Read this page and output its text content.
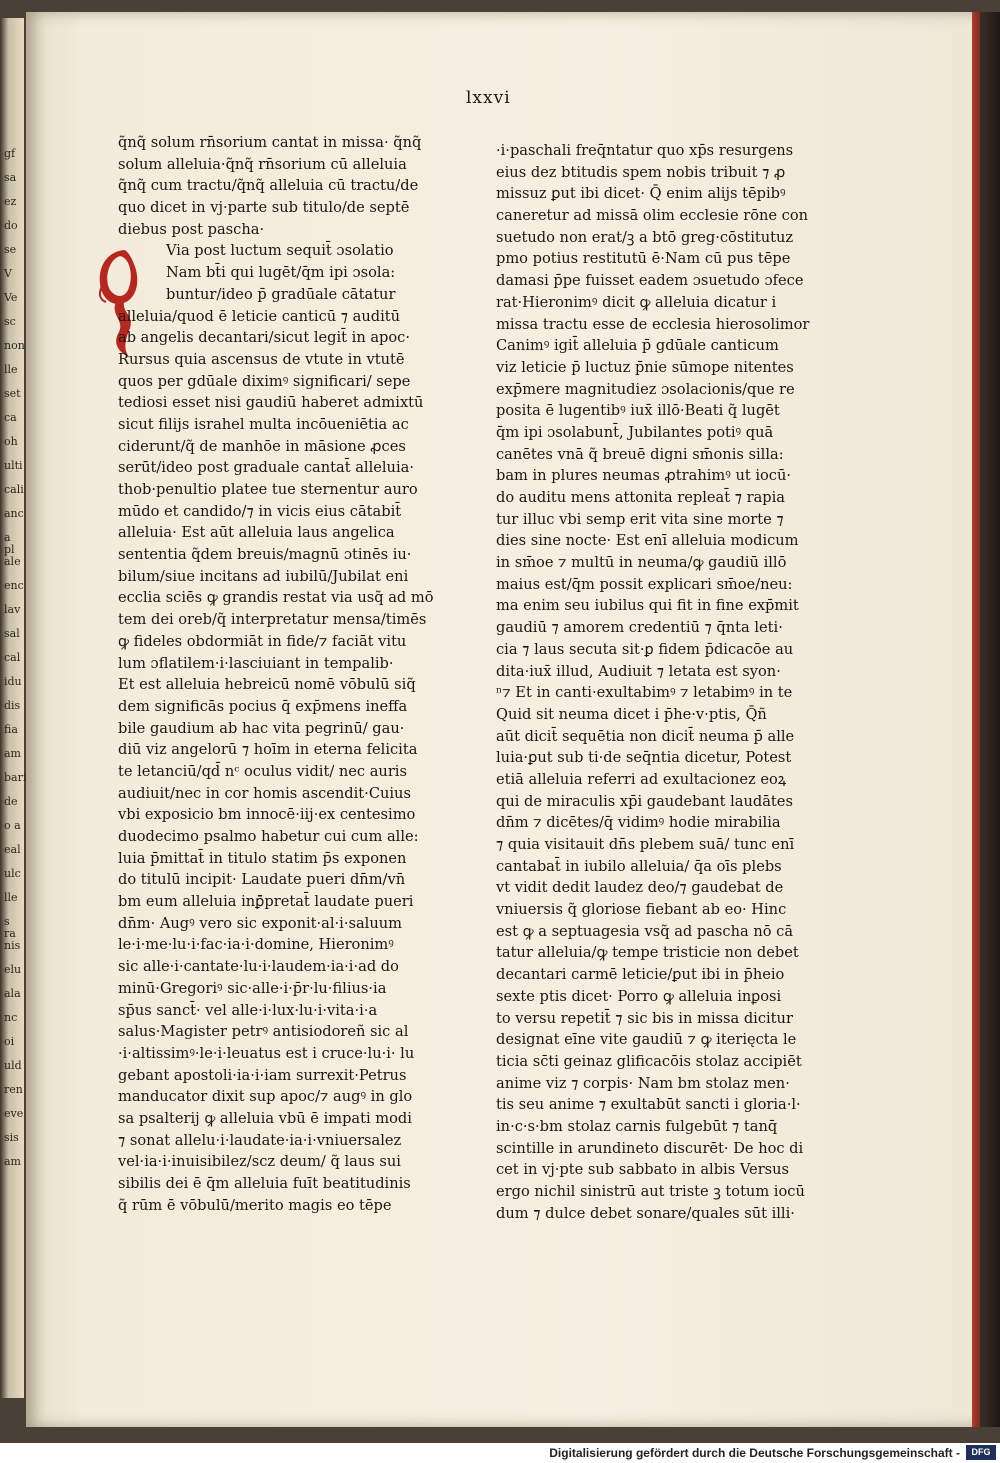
gf
sa
ez
do
se
V
Ve
sc
non
lle
set
ca
oh
ulti
cali
anc
a pl
ale
enc
lav
sal
cal
idu
dis
fia
am
bari
de
o a
eal
ulc
lle
s ra
nis
elu
ala
nc
oi
uld
ren
eve
sis
am
lxxvi
q̃nq̃ solum rn̄sorium cantat in missa· q̃nq̃
solum alleluia·q̃nq̃ rn̄sorium cū alleluia
q̃nq̃ cum tractu/q̃nq̃ alleluia cū tractu/de
quo dicet in vj·parte sub titulo/de septē
diebus post pascha·
Via post luctum sequit̄ ɔsolatio
Nam bt̄i qui lugēt/q̄m ipi ɔsola:
buntur/ideo p̄ gradūale cātatur
alleluia/quod ē leticie canticū ⁊ auditū
ab angelis decantari/sicut legit̄ in apoc·
Rursus quia ascensus de vtute in vtutē
quos per gdūale diximꝰ significari/ sepe
tediosi esset nisi gaudiū haberet admixtū
sicut filijs israhel multa incōueniētia ac
ciderunt/q̃ de manhōe in māsione ꝓces
serūt/ideo post graduale cantat̄ alleluia·
thob·penultio platee tue sternentur auro
mūdo et candido/⁊ in vicis eius cātabit̄
alleluia· Est aūt alleluia laus angelica
sententia q̃dem breuis/magnū ɔtinēs iu·
bilum/siue incitans ad iubilū/Jubilat eni
ecclia sciēs ꝙ grandis restat via usq̃ ad mō
tem dei oreb/q̃ interpretatur mensa/timēs
ꝙ fideles obdormiāt in fide/⁊ faciāt vitu
lum ɔflatilem·i·lasciuiant in tempalib·
Et est alleluia hebreicū nomē vōbulū siq̃
dem significās pocius q̄ exp̄mens ineffa
bile gaudium ab hac vita pegrinū/ gau·
diū viz angelorū ⁊ hoīm in eterna felicita
te letanciū/qd̄ nᶜ oculus vidit/ nec auris
audiuit/nec in cor homis ascendit·Cuius
vbi exposicio bm innocē·iij·ex centesimo
duodecimo psalmo habetur cui cum alle:
luia p̄mittat̄ in titulo statim p̄s exponen
do titulū incipit· Laudate pueri dn̄m/vn̄
bm eum alleluia inꝑ̄pretat̄ laudate pueri
dn̄m· Augꝰ vero sic exponit·al·i·saluum
le·i·me·lu·i·fac·ia·i·domine, Hieronimꝰ
sic alle·i·cantate·lu·i·laudem·ia·i·ad do
minū·Gregoriꝰ sic·alle·i·p̄r·lu·filius·ia
sp̄us sanct̄· vel alle·i·lux·lu·i·vita·i·a
salus·Magister petrꝰ antisiodoreñ sic al
·i·altissimꝰ·le·i·leuatus est i cruce·lu·i· lu
gebant apostoli·ia·i·iam surrexit·Petrus
manducator dixit sup apoc/⁊ augꝰ in glo
sa psalterij ꝙ alleluia vbū ē impati modi
⁊ sonat allelu·i·laudate·ia·i·vniuersalez
vel·ia·i·inuisibilez/scz deum/ q̃ laus sui
sibilis dei ē q̄m alleluia fuīt beatitudinis
q̃ rūm ē vōbulū/merito magis eo tēpe
·i·paschali freq̄ntatur quo xp̄s resurgens
eius dez btitudis spem nobis tribuit ⁊ ꝓ
missuz ꝑut ibi dicet· Q̄ enim alijs tēpibꝰ
caneretur ad missā olim ecclesie rōne con
suetudo non erat/ꝫ a btō greg·cōstitutuz
pmo potius restitutū ē·Nam cū pus tēpe
damasi p̄pe fuisset eadem ɔsuetudo ɔfece
rat·Hieronimꝰ dicit ꝙ alleluia dicatur i
missa tractu esse de ecclesia hierosolimor
Canimꝰ igit̄ alleluia p̄ gdūale canticum
viz leticie p̄ luctuz p̄nie sūmope nitentes
exp̄mere magnitudiez ɔsolacionis/que re
posita ē lugentibꝰ iux̄ illō·Beati q̃ lugēt
q̄m ipi ɔsolabunt̄, Jubilantes potiꝰ quā
canētes vnā q̃ breuē digni sm̄onis silla:
bam in plures neumas ꝓtrahimꝰ ut iocū·
do auditu mens attonita repleat̄ ⁊ rapia
tur illuc vbi semp erit vita sine morte ⁊
dies sine nocte· Est enī alleluia modicum
in sm̄oe ⁊ multū in neuma/ꝙ gaudiū illō
maius est/q̄m possit explicari sm̄oe/neu:
ma enim seu iubilus qui fit in fine exp̄mit
gaudiū ⁊ amorem credentiū ⁊ q̄nta leti·
cia ⁊ laus secuta sit·ꝑ fidem p̄dicacōe au
dita·iux̄ illud, Audiuit ⁊ letata est syon·
ⁿ⁊ Et in canti·exultabimꝰ ⁊ letabimꝰ in te
Quid sit neuma dicet i p̄he·v·ptis, Q̄ñ
aūt dicit̄ sequētia non dicit̄ neuma p̄ alle
luia·ꝑut sub ti·de seq̄ntia dicetur, Potest
etiā alleluia referri ad exultacionez eoꝝ
qui de miraculis xp̄i gaudebant laudātes
dn̄m ⁊ dicētes/q̄ vidimꝰ hodie mirabilia
⁊ quia visitauit dn̄s plebem suā/ tunc enī
cantabat̄ in iubilo alleluia/ q̄a oīs plebs
vt vidit dedit laudez deo/⁊ gaudebat de
vniuersis q̃ gloriose fiebant ab eo· Hinc
est ꝙ a septuagesia vsq̃ ad pascha nō cā
tatur alleluia/ꝙ tempe tristicie non debet
decantari carmē leticie/ꝑut ibi in p̄heio
sexte ptis dicet· Porro ꝙ alleluia inꝑosi
to versu repetit̄ ⁊ sic bis in missa dicitur
designat eīne vite gaudiū ⁊ ꝙ iterięcta le
ticia sc̄ti geinaz glificacōis stolaz accipiēt
anime viz ⁊ corpis· Nam bm stolaz men·
tis seu anime ⁊ exultabūt sancti i gloria·l·
in·c·s·bm stolaz carnis fulgebūt ⁊ tanq̄
scintille in arundineto discurēt· De hoc di
cet in vj·pte sub sabbato in albis Versus
ergo nichil sinistrū aut triste ꝫ totum iocū
dum ⁊ dulce debet sonare/quales sūt illi·
Digitalisierung gefördert durch die Deutsche Forschungsgemeinschaft -	DFG
